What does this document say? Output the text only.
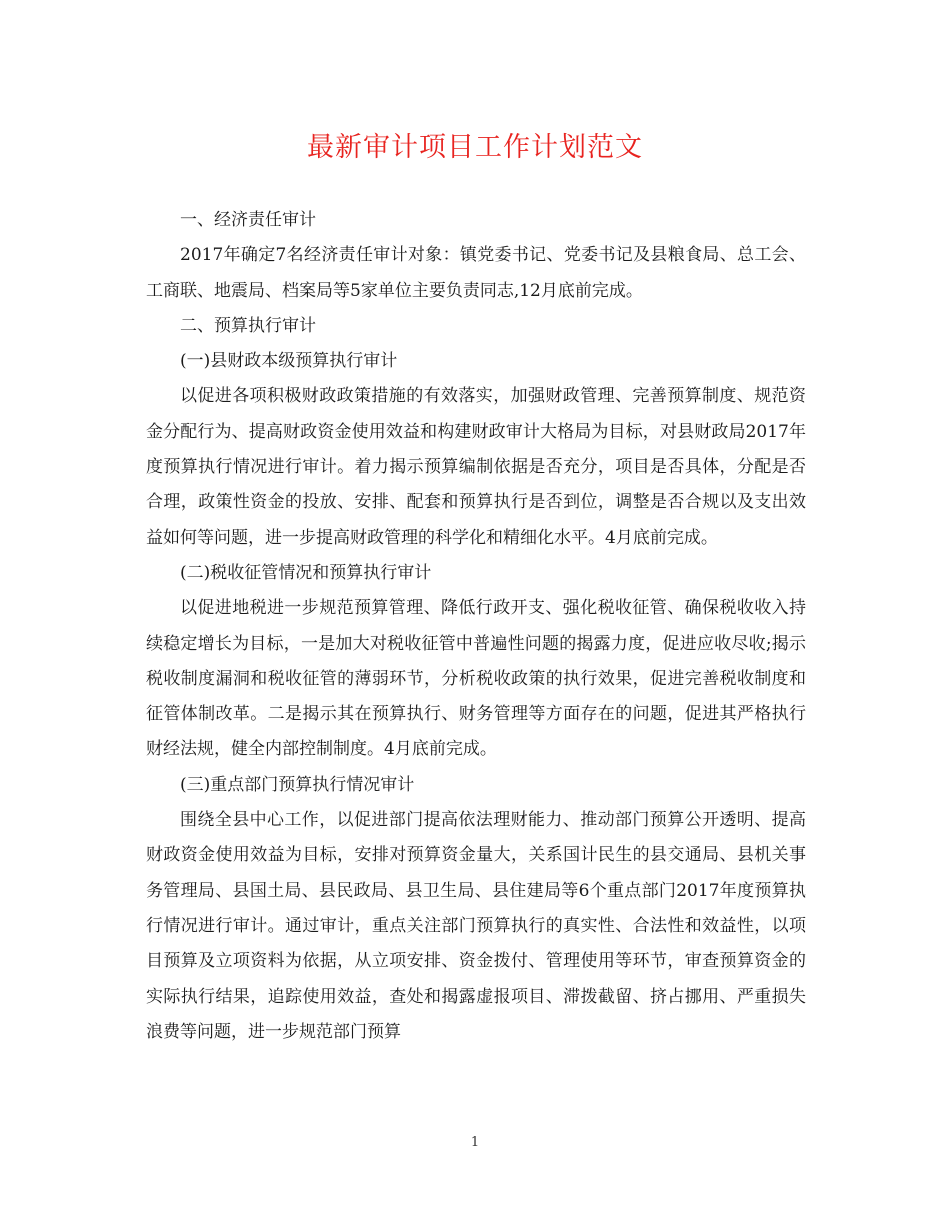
最新审计项目工作计划范文

一、经济责任审计

2017年确定7名经济责任审计对象：镇党委书记、党委书记及县粮食局、总工会、工商联、地震局、档案局等5家单位主要负责同志,12月底前完成。

二、预算执行审计

(一)县财政本级预算执行审计

以促进各项积极财政政策措施的有效落实，加强财政管理、完善预算制度、规范资金分配行为、提高财政资金使用效益和构建财政审计大格局为目标，对县财政局2017年度预算执行情况进行审计。着力揭示预算编制依据是否充分，项目是否具体，分配是否合理，政策性资金的投放、安排、配套和预算执行是否到位，调整是否合规以及支出效益如何等问题，进一步提高财政管理的科学化和精细化水平。4月底前完成。

(二)税收征管情况和预算执行审计

以促进地税进一步规范预算管理、降低行政开支、强化税收征管、确保税收收入持续稳定增长为目标，一是加大对税收征管中普遍性问题的揭露力度，促进应收尽收;揭示税收制度漏洞和税收征管的薄弱环节，分析税收政策的执行效果，促进完善税收制度和征管体制改革。二是揭示其在预算执行、财务管理等方面存在的问题，促进其严格执行财经法规，健全内部控制制度。4月底前完成。

(三)重点部门预算执行情况审计

围绕全县中心工作，以促进部门提高依法理财能力、推动部门预算公开透明、提高财政资金使用效益为目标，安排对预算资金量大，关系国计民生的县交通局、县机关事务管理局、县国土局、县民政局、县卫生局、县住建局等6个重点部门2017年度预算执行情况进行审计。通过审计，重点关注部门预算执行的真实性、合法性和效益性，以项目预算及立项资料为依据，从立项安排、资金拨付、管理使用等环节，审查预算资金的实际执行结果，追踪使用效益，查处和揭露虚报项目、滞拨截留、挤占挪用、严重损失浪费等问题，进一步规范部门预算

1
